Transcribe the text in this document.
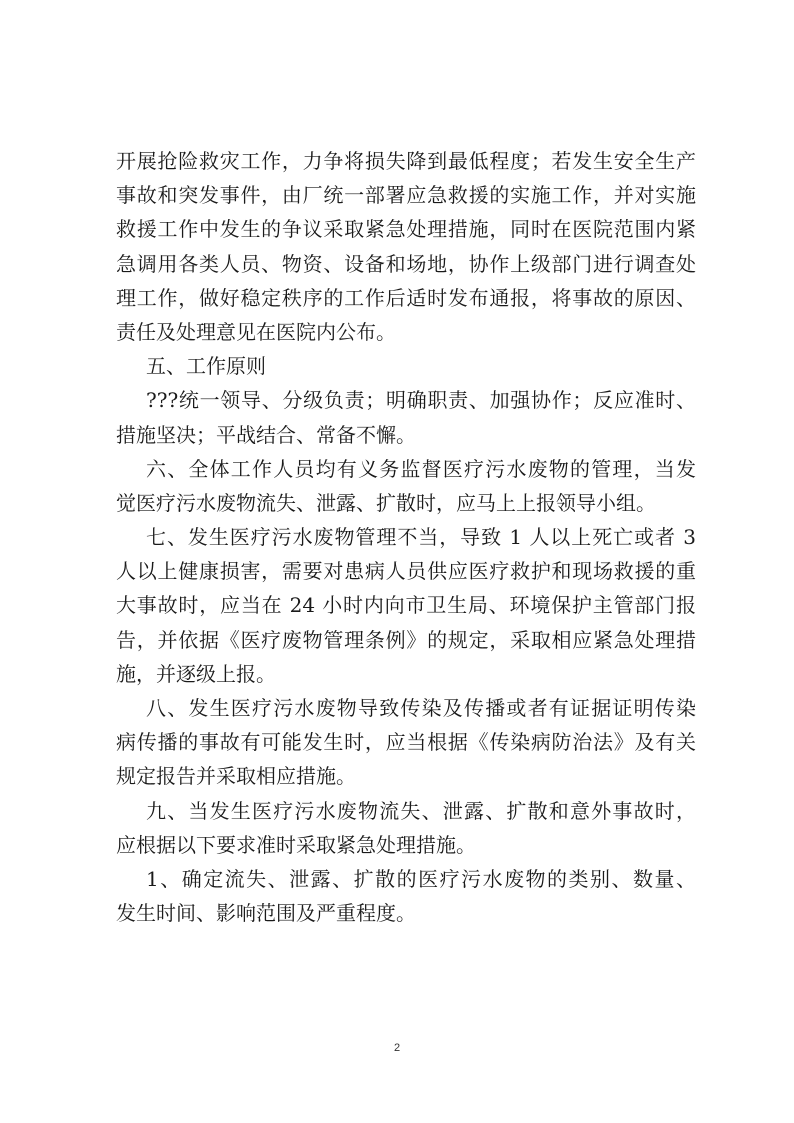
开展抢险救灾工作，力争将损失降到最低程度；若发生安全生产
事故和突发事件，由厂统一部署应急救援的实施工作，并对实施
救援工作中发生的争议采取紧急处理措施，同时在医院范围内紧
急调用各类人员、物资、设备和场地，协作上级部门进行调查处
理工作，做好稳定秩序的工作后适时发布通报，将事故的原因、
责任及处理意见在医院内公布。
五、工作原则
???统一领导、分级负责；明确职责、加强协作；反应准时、
措施坚决；平战结合、常备不懈。
六、全体工作人员均有义务监督医疗污水废物的管理，当发
觉医疗污水废物流失、泄露、扩散时，应马上上报领导小组。
七、发生医疗污水废物管理不当，导致 1 人以上死亡或者 3
人以上健康损害，需要对患病人员供应医疗救护和现场救援的重
大事故时，应当在 24 小时内向市卫生局、环境保护主管部门报
告，并依据《医疗废物管理条例》的规定，采取相应紧急处理措
施，并逐级上报。
八、发生医疗污水废物导致传染及传播或者有证据证明传染
病传播的事故有可能发生时，应当根据《传染病防治法》及有关
规定报告并采取相应措施。
九、当发生医疗污水废物流失、泄露、扩散和意外事故时，
应根据以下要求准时采取紧急处理措施。
1、确定流失、泄露、扩散的医疗污水废物的类别、数量、
发生时间、影响范围及严重程度。
2
